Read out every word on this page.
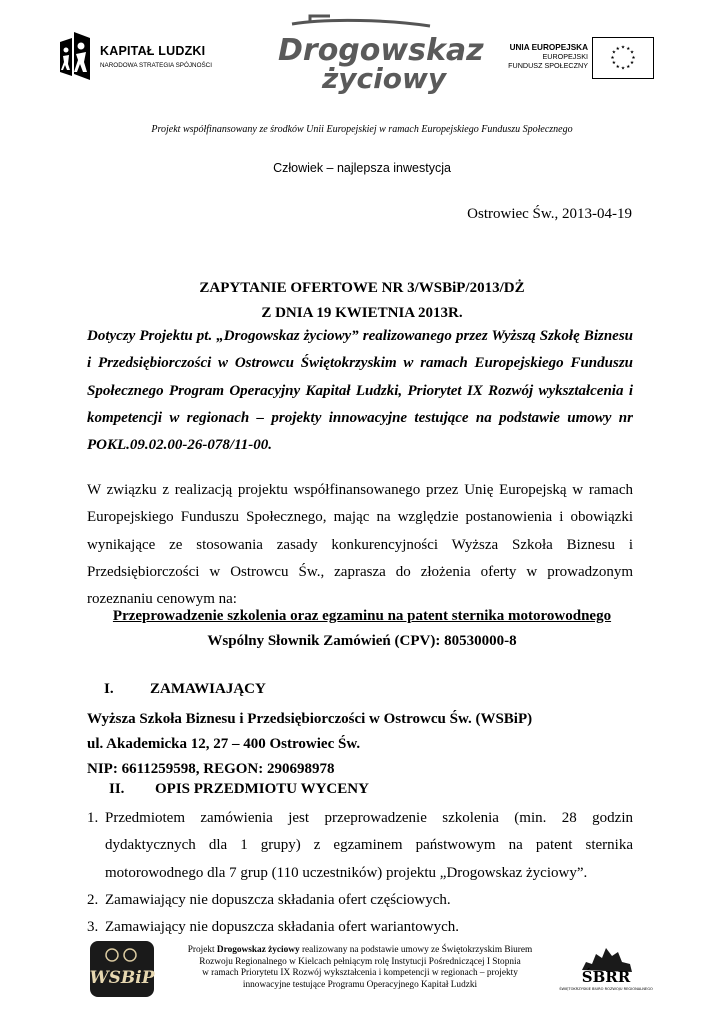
KAPITAŁ LUDZKI
NARODOWA STRATEGIA SPÓJNOŚCI Drogowskaz
życiowy
UNIA EUROPEJSKA
EUROPEJSKI
FUNDUSZ SPOŁECZNY
★ ★
★
★
★
★
★
★
★
★
★
★
Projekt współfinansowany ze środków Unii Europejskiej w ramach Europejskiego Funduszu Społecznego
Człowiek – najlepsza inwestycja
Ostrowiec Św., 2013-04-19
ZAPYTANIE OFERTOWE NR 3/WSBiP/2013/DŻ
Z DNIA 19 KWIETNIA 2013R.
Dotyczy Projektu pt. „Drogowskaz życiowy” realizowanego przez Wyższą Szkołę Biznesu i Przedsiębiorczości w Ostrowcu Świętokrzyskim w ramach Europejskiego Funduszu Społecznego Program Operacyjny Kapitał Ludzki, Priorytet IX Rozwój wykształcenia i kompetencji w regionach – projekty innowacyjne testujące na podstawie umowy nr POKL.09.02.00-26-078/11-00.
W związku z realizacją projektu współfinansowanego przez Unię Europejską w ramach Europejskiego Funduszu Społecznego, mając na względzie postanowienia i obowiązki wynikające ze stosowania zasady konkurencyjności Wyższa Szkoła Biznesu i Przedsiębiorczości w Ostrowcu Św., zaprasza do złożenia oferty w prowadzonym rozeznaniu cenowym na:
Przeprowadzenie szkolenia oraz egzaminu na patent sternika motorowodnego
Wspólny Słownik Zamówień (CPV): 80530000-8
I. ZAMAWIAJĄCY
Wyższa Szkoła Biznesu i Przedsiębiorczości w Ostrowcu Św. (WSBiP)
ul. Akademicka 12, 27 – 400 Ostrowiec Św.
NIP: 6611259598, REGON: 290698978
II. OPIS PRZEDMIOTU WYCENY
1. Przedmiotem zamówienia jest przeprowadzenie szkolenia (min. 28 godzin dydaktycznych dla 1 grupy) z egzaminem państwowym na patent sternika motorowodnego dla 7 grup (110 uczestników) projektu „Drogowskaz życiowy”.
2. Zamawiający nie dopuszcza składania ofert częściowych.
3. Zamawiający nie dopuszcza składania ofert wariantowych.
WSBiP
Projekt Drogowskaz życiowy realizowany na podstawie umowy ze Świętokrzyskim Biurem
Rozwoju Regionalnego w Kielcach pełniącym rolę Instytucji Pośredniczącej I Stopnia
w ramach Priorytetu IX Rozwój wykształcenia i kompetencji w regionach – projekty
innowacyjne testujące Programu Operacyjnego Kapitał Ludzki	ŚBRR
ŚWIĘTOKRZYSKIE BIURO ROZWOJU REGIONALNEGO
